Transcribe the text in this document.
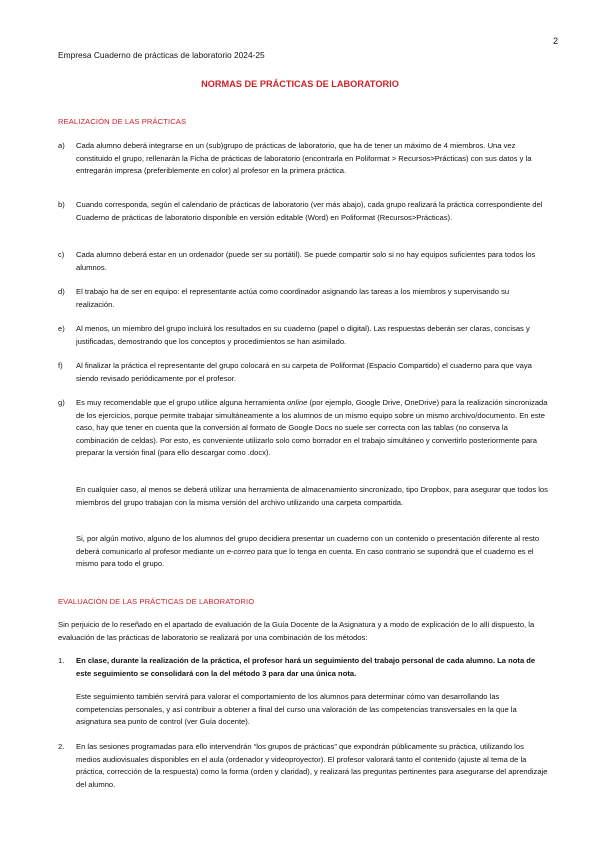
2
Empresa Cuaderno de prácticas de laboratorio 2024-25
NORMAS DE PRÁCTICAS DE LABORATORIO
REALIZACIÓN DE LAS PRÁCTICAS
a) Cada alumno deberá integrarse en un (sub)grupo de prácticas de laboratorio, que ha de tener un máximo de 4 miembros. Una vez constituido el grupo, rellenarán la Ficha de prácticas de laboratorio (encontrarla en Poliformat > Recursos>Prácticas) con sus datos y la entregarán impresa (preferiblemente en color) al profesor en la primera práctica.
b) Cuando corresponda, según el calendario de prácticas de laboratorio (ver más abajo), cada grupo realizará la práctica correspondiente del Cuaderno de prácticas de laboratorio disponible en versión editable (Word) en Poliformat (Recursos>Prácticas).
c) Cada alumno deberá estar en un ordenador (puede ser su portátil). Se puede compartir solo si no hay equipos suficientes para todos los alumnos.
d) El trabajo ha de ser en equipo: el representante actúa como coordinador asignando las tareas a los miembros y supervisando su realización.
e) Al menos, un miembro del grupo incluirá los resultados en su cuaderno (papel o digital). Las respuestas deberán ser claras, concisas y justificadas, demostrando que los conceptos y procedimientos se han asimilado.
f) Al finalizar la práctica el representante del grupo colocará en su carpeta de Poliformat (Espacio Compartido) el cuaderno para que vaya siendo revisado periódicamente por el profesor.
g) Es muy recomendable que el grupo utilice alguna herramienta online (por ejemplo, Google Drive, OneDrive) para la realización sincronizada de los ejercicios, porque permite trabajar simultáneamente a los alumnos de un mismo equipo sobre un mismo archivo/documento. En este caso, hay que tener en cuenta que la conversión al formato de Google Docs no suele ser correcta con las tablas (no conserva la combinación de celdas). Por esto, es conveniente utilizarlo solo como borrador en el trabajo simultáneo y convertirlo posteriormente para preparar la versión final (para ello descargar como .docx).
En cualquier caso, al menos se deberá utilizar una herramienta de almacenamiento sincronizado, tipo Dropbox, para asegurar que todos los miembros del grupo trabajan con la misma versión del archivo utilizando una carpeta compartida.
Si, por algún motivo, alguno de los alumnos del grupo decidiera presentar un cuaderno con un contenido o presentación diferente al resto deberá comunicarlo al profesor mediante un e-correo para que lo tenga en cuenta. En caso contrario se supondrá que el cuaderno es el mismo para todo el grupo.
EVALUACIÓN DE LAS PRÁCTICAS DE LABORATORIO
Sin perjuicio de lo reseñado en el apartado de evaluación de la Guía Docente de la Asignatura y a modo de explicación de lo allí dispuesto, la evaluación de las prácticas de laboratorio se realizará por una combinación de los métodos:
1. En clase, durante la realización de la práctica, el profesor hará un seguimiento del trabajo personal de cada alumno. La nota de este seguimiento se consolidará con la del método 3 para dar una única nota.
Este seguimiento también servirá para valorar el comportamiento de los alumnos para determinar cómo van desarrollando las competencias personales, y así contribuir a obtener a final del curso una valoración de las competencias transversales en la que la asignatura sea punto de control (ver Guía docente).
2. En las sesiones programadas para ello intervendrán “los grupos de prácticas” que expondrán públicamente su práctica, utilizando los medios audiovisuales disponibles en el aula (ordenador y videoproyector). El profesor valorará tanto el contenido (ajuste al tema de la práctica, corrección de la respuesta) como la forma (orden y claridad), y realizará las preguntas pertinentes para asegurarse del aprendizaje del alumno.
